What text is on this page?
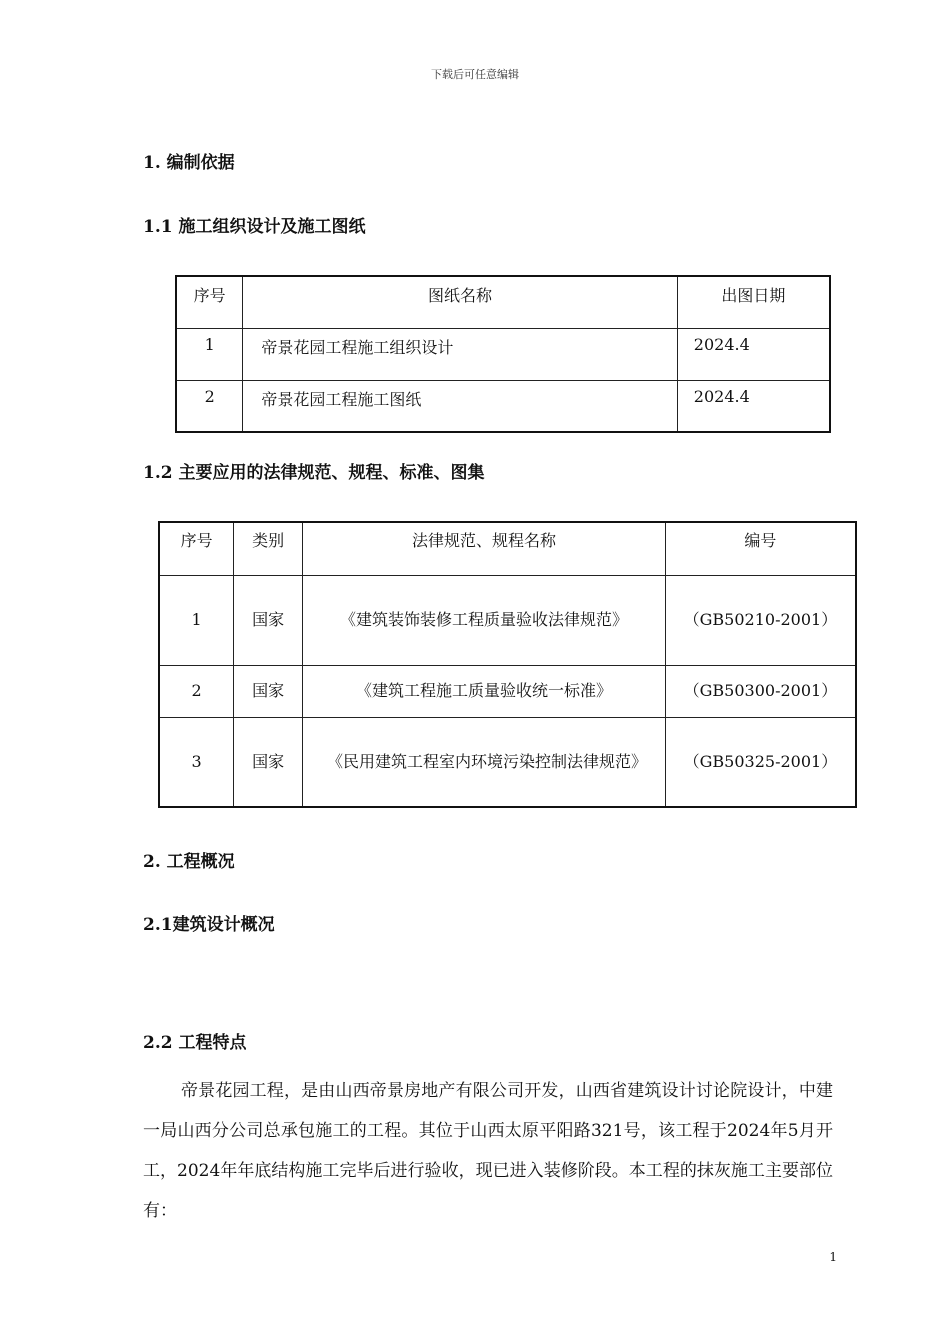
下载后可任意编辑
1. 编制依据
1.1 施工组织设计及施工图纸
序号	图纸名称	出图日期
1	帝景花园工程施工组织设计	2024.4
2	帝景花园工程施工图纸	2024.4
1.2 主要应用的法律规范、规程、标准、图集
序号	类别	法律规范、规程名称	编号
1	国家	《建筑装饰装修工程质量验收法律规范》	（GB50210-2001）
2	国家	《建筑工程施工质量验收统一标准》	（GB50300-2001）
3	国家	《民用建筑工程室内环境污染控制法律规范》	（GB50325-2001）
2. 工程概况
2.1建筑设计概况
2.2 工程特点
帝景花园工程，是由山西帝景房地产有限公司开发，山西省建筑设计讨论院设计，中建一局山西分公司总承包施工的工程。其位于山西太原平阳路321号，该工程于2024年5月开工，2024年年底结构施工完毕后进行验收，现已进入装修阶段。本工程的抹灰施工主要部位有：
1
